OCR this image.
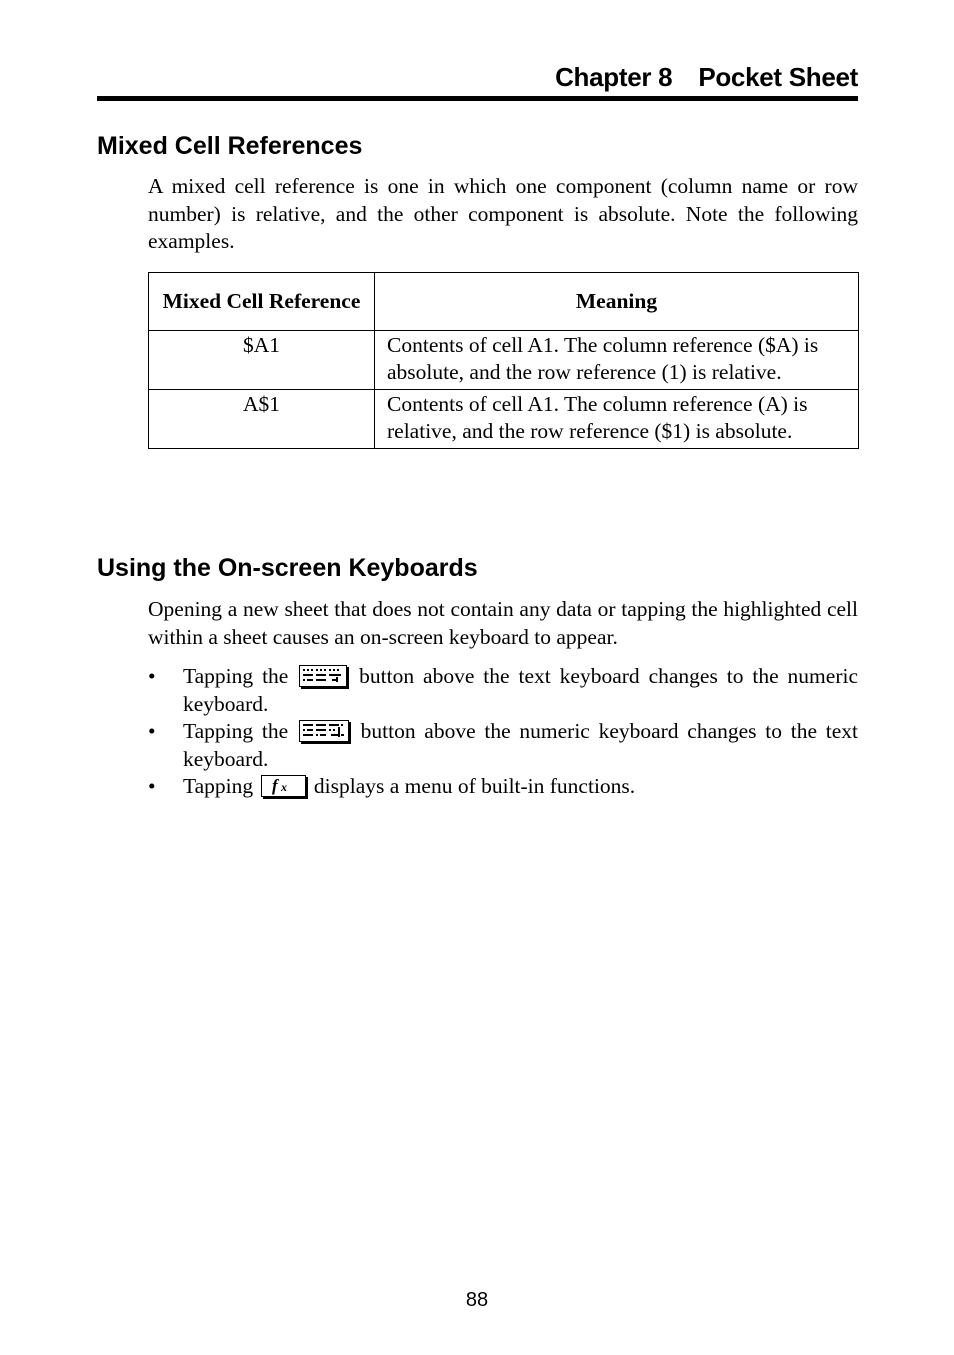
Chapter 8 Pocket Sheet
Mixed Cell References
A mixed cell reference is one in which one component (column name or row number) is relative, and the other component is absolute. Note the following examples.
Mixed Cell Reference	Meaning
$A1	Contents of cell A1. The column reference ($A) is absolute, and the row reference (1) is relative.
A$1	Contents of cell A1. The column reference (A) is relative, and the row reference ($1) is absolute.
Using the On-screen Keyboards
Opening a new sheet that does not contain any data or tapping the highlighted cell within a sheet causes an on-screen keyboard to appear.
• Tapping the
button above the text keyboard changes to the numeric keyboard.
• Tapping the	button above the numeric keyboard changes to the text keyboard.
• Tapping f x displays a menu of built-in functions.
88
